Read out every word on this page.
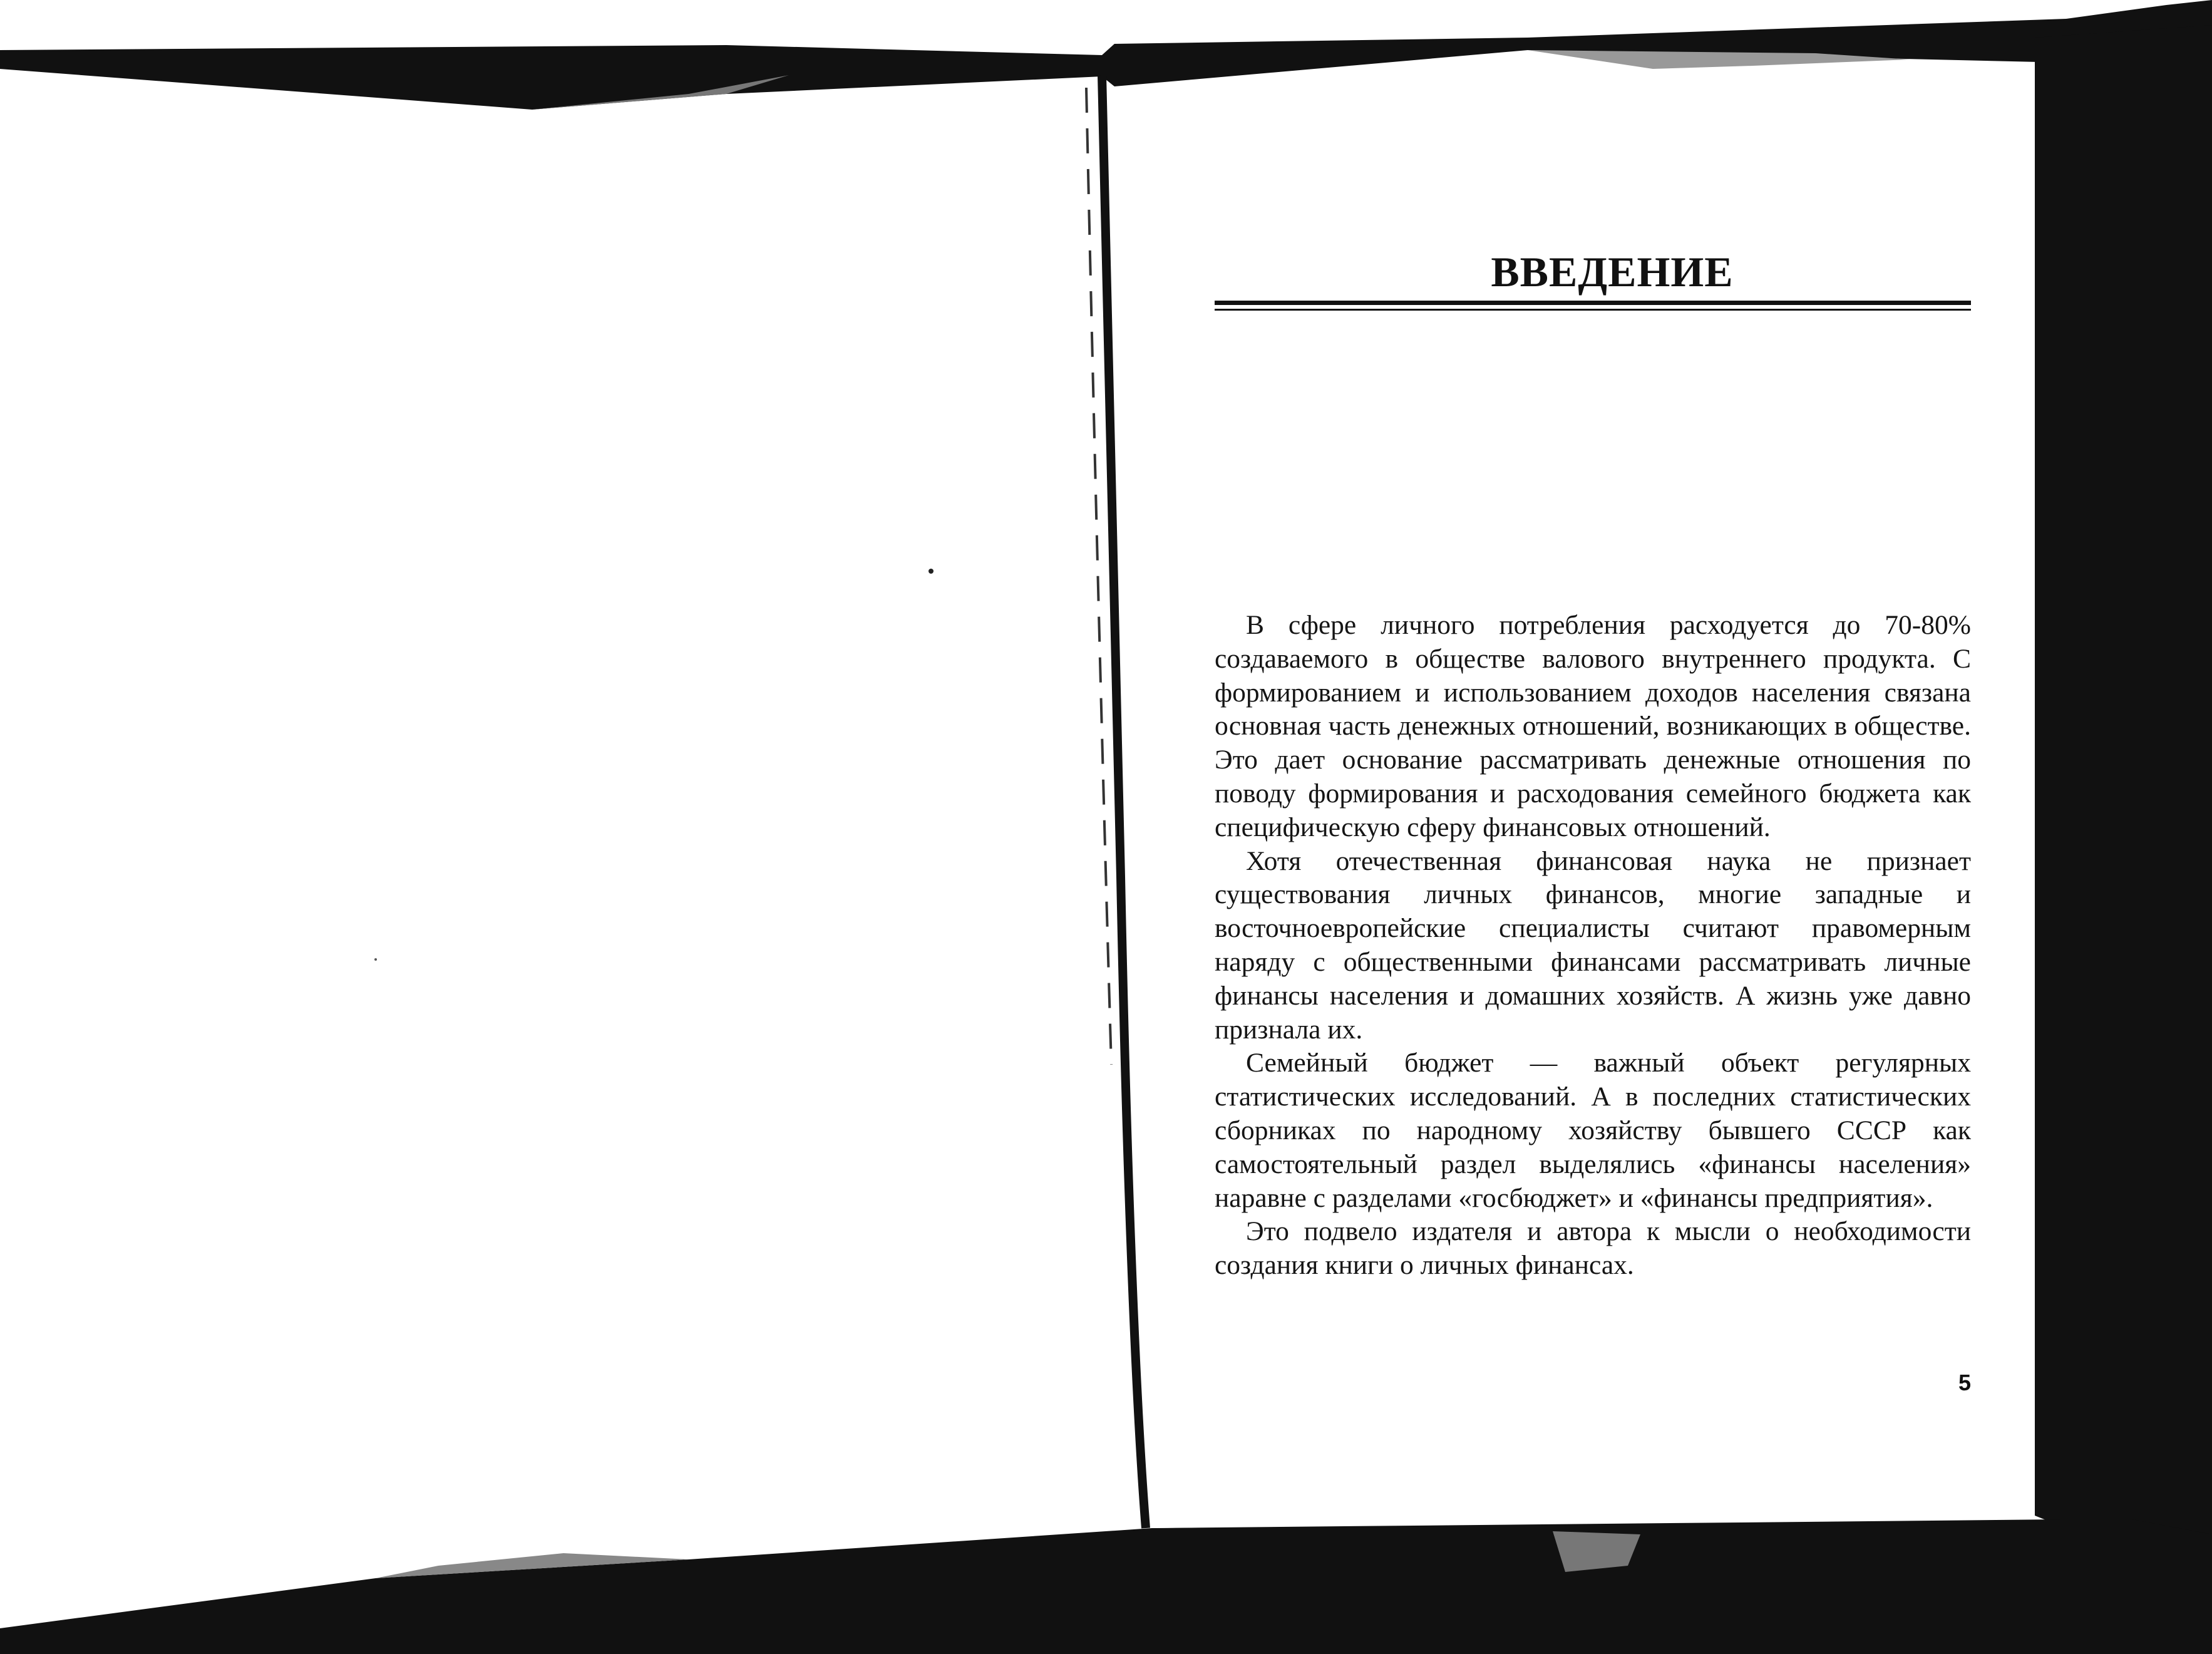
ВВЕДЕНИЕ

В сфере личного потребления расходуется до 70-80% создаваемого в обществе валового внутреннего продукта. С формированием и использованием доходов населения связана основная часть денежных отношений, возникающих в обществе. Это дает основание рассматривать денежные отношения по поводу формирования и расходования семейного бюджета как специфическую сферу финансовых отношений.

Хотя отечественная финансовая наука не признает существования личных финансов, многие западные и восточноевропейские специалисты считают правомерным наряду с общественными финансами рассматривать личные финансы населения и домашних хозяйств. А жизнь уже давно признала их.

Семейный бюджет — важный объект регулярных статистических исследований. А в последних статистических сборниках по народному хозяйству бывшего СССР как самостоятельный раздел выделялись «финансы населения» наравне с разделами «госбюджет» и «финансы предприятия».

Это подвело издателя и автора к мысли о необходимости создания книги о личных финансах.

5
